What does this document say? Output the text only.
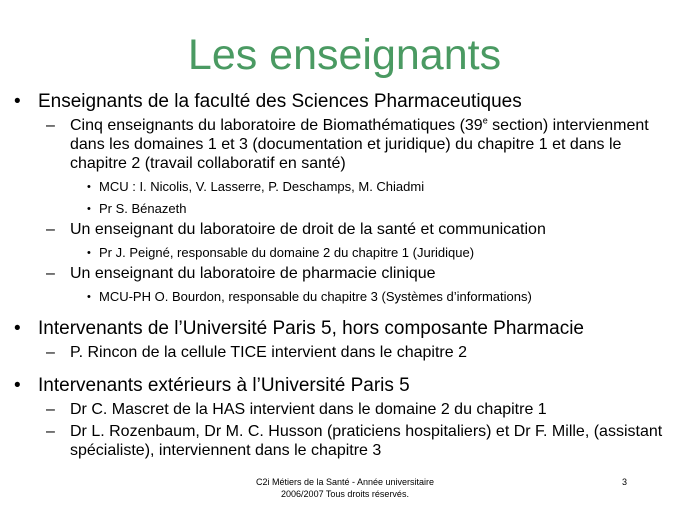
Les enseignants
• Enseignants de la faculté des Sciences Pharmaceutiques
– Cinq enseignants du laboratoire de Biomathématiques (39e section) intervienment dans les domaines 1 et 3 (documentation et juridique) du chapitre 1 et dans le chapitre 2 (travail collaboratif en santé)
• MCU : I. Nicolis, V. Lasserre, P. Deschamps, M. Chiadmi
• Pr S. Bénazeth
– Un enseignant du laboratoire de droit de la santé et communication
• Pr J. Peigné, responsable du domaine 2 du chapitre 1 (Juridique)
– Un enseignant du laboratoire de pharmacie clinique
• MCU-PH O. Bourdon, responsable du chapitre 3 (Systèmes d’informations)
• Intervenants de l’Université Paris 5, hors composante Pharmacie
– P. Rincon de la cellule TICE intervient dans le chapitre 2
• Intervenants extérieurs à l’Université Paris 5
– Dr C. Mascret de la HAS intervient dans le domaine 2 du chapitre 1
– Dr L. Rozenbaum, Dr M. C. Husson (praticiens hospitaliers) et Dr F. Mille, (assistant spécialiste), interviennent dans le chapitre 3
C2i Métiers de la Santé - Année universitaire
2006/2007 Tous droits réservés.
3
